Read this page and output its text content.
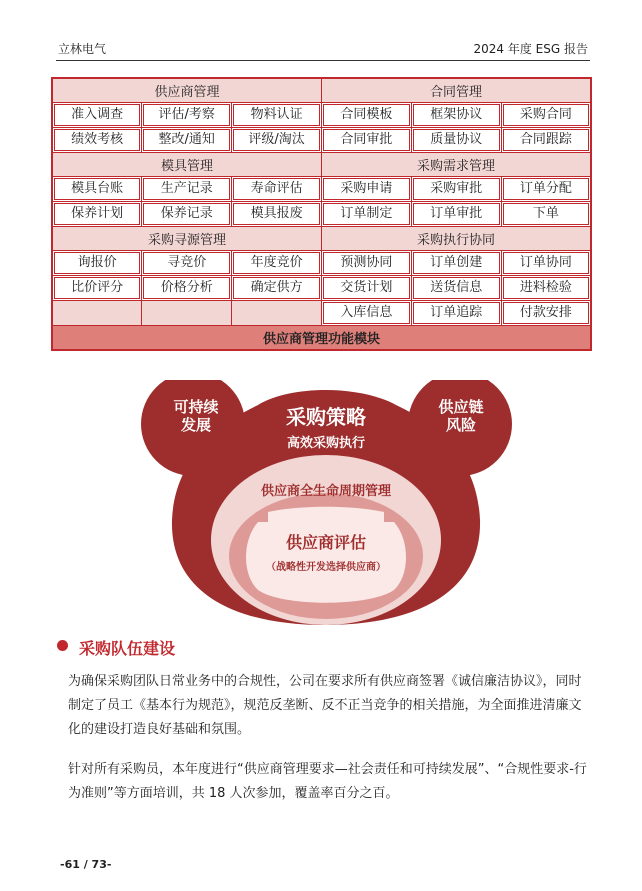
立林电气	2024 年度 ESG 报告
供应商管理			合同管理		

准入调查	评估/考察	物料认证	合同模板	框架协议	采购合同

绩效考核	整改/通知	评级/淘汰	合同审批	质量协议	合同跟踪

模具管理			采购需求管理		

模具台账	生产记录	寿命评估	采购申请	采购审批	订单分配

保养计划	保养记录	模具报废	订单制定	订单审批	下单

采购寻源管理			采购执行协同		

询报价	寻竞价	年度竞价	预测协同	订单创建	订单协同

比价评分	价格分析	确定供方	交货计划	送货信息	进料检验

			入库信息	订单追踪	付款安排

供应商管理功能模块					
可持续
发展
供应链
风险
采购策略
高效采购执行
供应商全生命周期管理
供应商评估
（战略性开发选择供应商）
采购队伍建设

为确保采购团队日常业务中的合规性，公司在要求所有供应商签署《诚信廉洁协议》，同时制定了员工《基本行为规范》，规范反垄断、反不正当竞争的相关措施，为全面推进清廉文化的建设打造良好基础和氛围。

针对所有采购员，本年度进行“供应商管理要求—社会责任和可持续发展”、“合规性要求-行为准则”等方面培训，共 18 人次参加，覆盖率百分之百。

-61 / 73-
